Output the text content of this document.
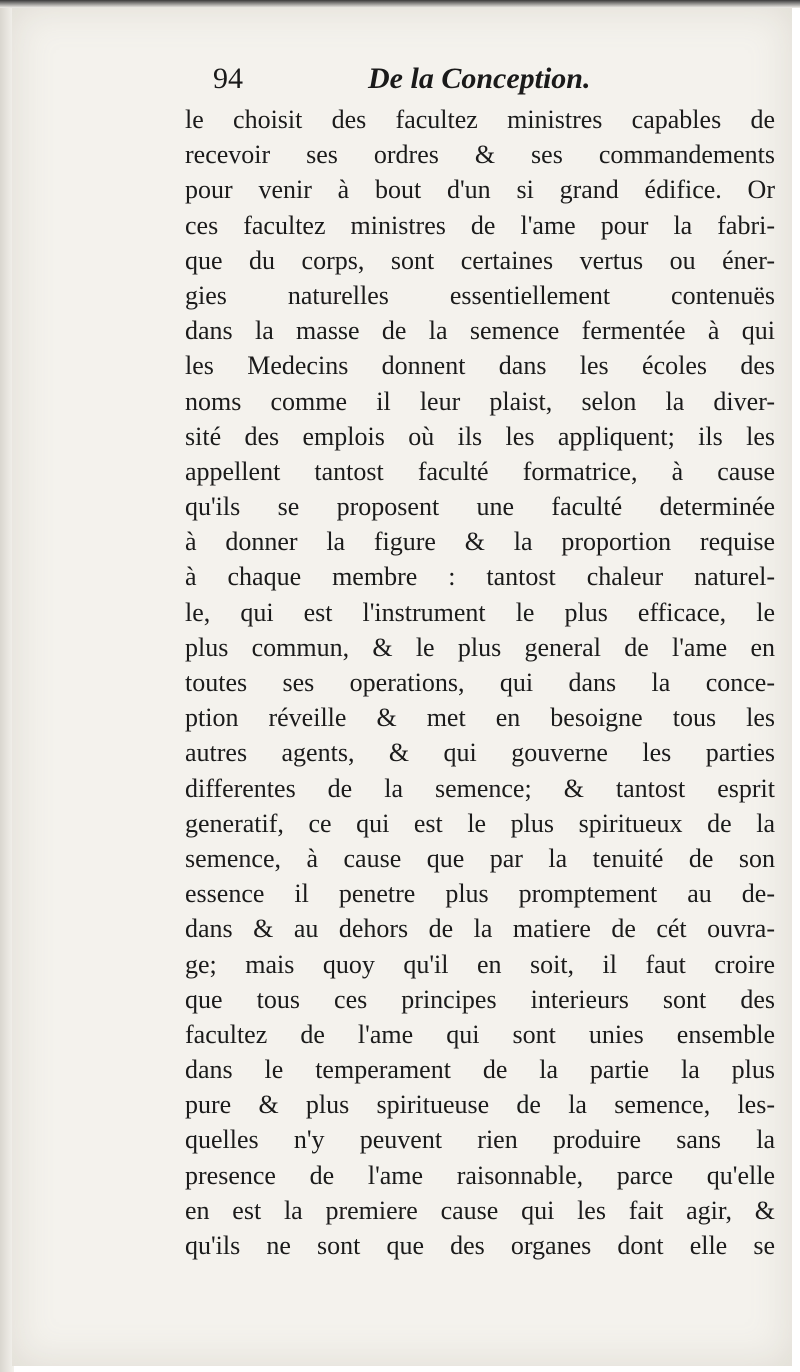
94	De la Conception.
le choisit des facultez ministres capables de
recevoir ses ordres & ses commandements
pour venir à bout d'un si grand édifice. Or
ces facultez ministres de l'ame pour la fabri-
que du corps, sont certaines vertus ou éner-
gies naturelles essentiellement contenuës
dans la masse de la semence fermentée à qui
les Medecins donnent dans les écoles des
noms comme il leur plaist, selon la diver-
sité des emplois où ils les appliquent; ils les
appellent tantost faculté formatrice, à cause
qu'ils se proposent une faculté determinée
à donner la figure & la proportion requise
à chaque membre : tantost chaleur naturel-
le, qui est l'instrument le plus efficace, le
plus commun, & le plus general de l'ame en
toutes ses operations, qui dans la conce-
ption réveille & met en besoigne tous les
autres agents, & qui gouverne les parties
differentes de la semence; & tantost esprit
generatif, ce qui est le plus spiritueux de la
semence, à cause que par la tenuité de son
essence il penetre plus promptement au de-
dans & au dehors de la matiere de cét ouvra-
ge; mais quoy qu'il en soit, il faut croire
que tous ces principes interieurs sont des
facultez de l'ame qui sont unies ensemble
dans le temperament de la partie la plus
pure & plus spiritueuse de la semence, les-
quelles n'y peuvent rien produire sans la
presence de l'ame raisonnable, parce qu'elle
en est la premiere cause qui les fait agir, &
qu'ils ne sont que des organes dont elle se
